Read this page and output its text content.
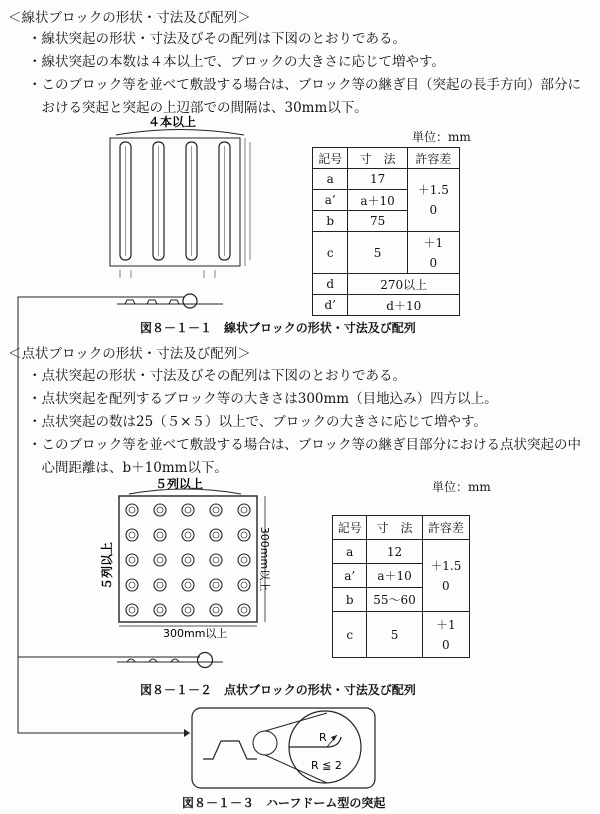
＜線状ブロックの形状・寸法及び配列＞
・線状突起の形状・寸法及びその配列は下図のとおりである。
・線状突起の本数は４本以上で、ブロックの大きさに応じて増やす。
・このブロック等を並べて敷設する場合は、ブロック等の継ぎ目（突起の長手方向）部分に
　おける突起と突起の上辺部での間隔は、30mm以下。
４本以上
単位：mm
記号	寸　法	許容差
a	17	＋1.5
0
a’	a＋10	
b	75	
c	5	＋1
0
d	270以上	
d’	d＋10	
図８－１－１　線状ブロックの形状・寸法及び配列
＜点状ブロックの形状・寸法及び配列＞
・点状突起の形状・寸法及びその配列は下図のとおりである。
・点状突起を配列するブロック等の大きさは300mm（目地込み）四方以上。
・点状突起の数は25（５×５）以上で、ブロックの大きさに応じて増やす。
・このブロック等を並べて敷設する場合は、ブロック等の継ぎ目部分における点状突起の中
　心間距離は、b＋10mm以下。
５列以上
５列以上	300mm以上
300mm以上
単位：mm
記号	寸　法	許容差
a	12	＋1.5
0
a’	a＋10	
b	55～60	
c	5	＋1
0
図８－１－２　点状ブロックの形状・寸法及び配列
R
R ≦ 2
図８－１－３　ハーフドーム型の突起
